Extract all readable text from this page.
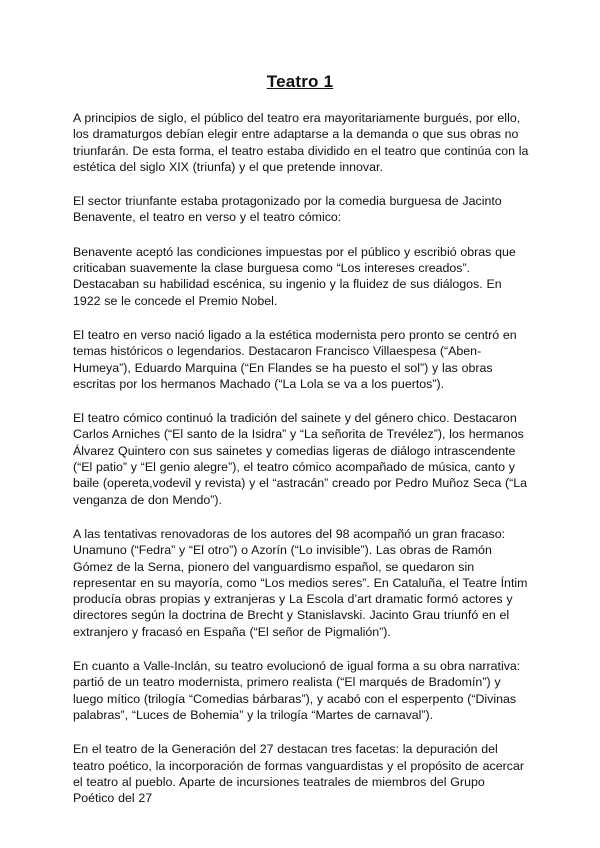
Teatro 1

A principios de siglo, el público del teatro era mayoritariamente burgués, por ello, los dramaturgos debían elegir entre adaptarse a la demanda o que sus obras no triunfarán. De esta forma, el teatro estaba dividido en el teatro que continúa con la estética del siglo XIX (triunfa) y el que pretende innovar.

El sector triunfante estaba protagonizado por la comedia burguesa de Jacinto Benavente, el teatro en verso y el teatro cómico:

Benavente aceptó las condiciones impuestas por el público y escribió obras que criticaban suavemente la clase burguesa como “Los intereses creados”. Destacaban su habilidad escénica, su ingenio y la fluidez de sus diálogos. En 1922 se le concede el Premio Nobel.

El teatro en verso nació ligado a la estética modernista pero pronto se centró en temas históricos o legendarios. Destacaron Francisco Villaespesa (“Aben-Humeya”), Eduardo Marquina (“En Flandes se ha puesto el sol”) y las obras escritas por los hermanos Machado (“La Lola se va a los puertos”).

El teatro cómico continuó la tradición del sainete y del género chico. Destacaron Carlos Arniches (“El santo de la Isidra” y “La señorita de Trevélez”), los hermanos Álvarez Quintero con sus sainetes y comedias ligeras de diálogo intrascendente (“El patio” y “El genio alegre”), el teatro cómico acompañado de música, canto y baile (opereta,vodevil y revista) y el “astracán” creado por Pedro Muñoz Seca (“La venganza de don Mendo”).

A las tentativas renovadoras de los autores del 98 acompañó un gran fracaso: Unamuno (“Fedra” y “El otro”) o Azorín (“Lo invisible”). Las obras de Ramón Gómez de la Serna, pionero del vanguardismo español, se quedaron sin representar en su mayoría, como “Los medios seres”. En Cataluña, el Teatre Íntim producía obras propias y extranjeras y La Escola d’art dramatic formó actores y directores según la doctrina de Brecht y Stanislavski. Jacinto Grau triunfó en el extranjero y fracasó en España (“El señor de Pigmalión”).

En cuanto a Valle-Inclán, su teatro evolucionó de igual forma a su obra narrativa: partió de un teatro modernista, primero realista (“El marqués de Bradomín”) y luego mítico (trilogía “Comedias bárbaras”), y acabó con el esperpento (“Divinas palabras”, “Luces de Bohemia” y la trilogía “Martes de carnaval”).

En el teatro de la Generación del 27 destacan tres facetas: la depuración del teatro poético, la incorporación de formas vanguardistas y el propósito de acercar el teatro al pueblo. Aparte de incursiones teatrales de miembros del Grupo Poético del 27
